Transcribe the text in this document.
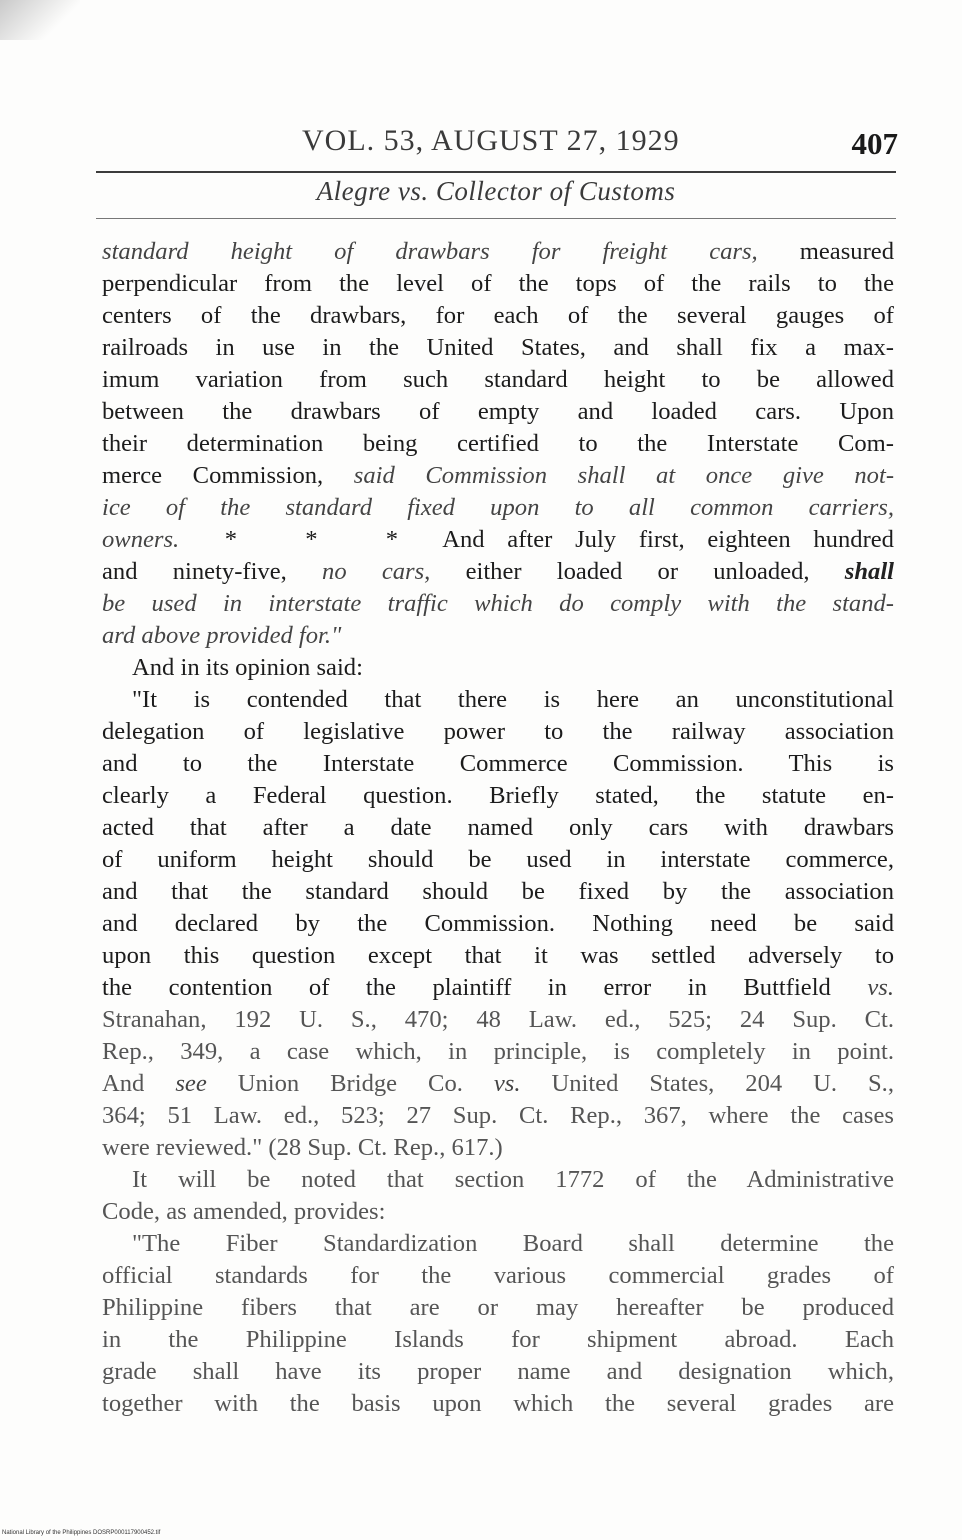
VOL. 53, AUGUST 27, 1929	407
Alegre vs. Collector of Customs
standard height of drawbars for freight cars, measured
perpendicular from the level of the tops of the rails to the
centers of the drawbars, for each of the several gauges of
railroads in use in the United States, and shall fix a max-
imum variation from such standard height to be allowed
between the drawbars of empty and loaded cars. Upon
their determination being certified to the Interstate Com-
merce Commission, said Commission shall at once give not-
ice of the standard fixed upon to all common carriers,
owners.  *   *   *  And after July first, eighteen hundred
and ninety-five, no cars, either loaded or unloaded, shall
be used in interstate traffic which do comply with the stand-
ard above provided for."
And in its opinion said:
"It is contended that there is here an unconstitutional
delegation of legislative power to the railway association
and to the Interstate Commerce Commission. This is
clearly a Federal question. Briefly stated, the statute en-
acted that after a date named only cars with drawbars
of uniform height should be used in interstate commerce,
and that the standard should be fixed by the association
and declared by the Commission. Nothing need be said
upon this question except that it was settled adversely to
the contention of the plaintiff in error in Buttfield vs.
Stranahan, 192 U. S., 470; 48 Law. ed., 525; 24 Sup. Ct.
Rep., 349, a case which, in principle, is completely in point.
And see Union Bridge Co. vs. United States, 204 U. S.,
364; 51 Law. ed., 523; 27 Sup. Ct. Rep., 367, where the cases
were reviewed." (28 Sup. Ct. Rep., 617.)
It will be noted that section 1772 of the Administrative
Code, as amended, provides:
"The Fiber Standardization Board shall determine the
official standards for the various commercial grades of
Philippine fibers that are or may hereafter be produced
in the Philippine Islands for shipment abroad. Each
grade shall have its proper name and designation which,
together with the basis upon which the several grades are
National Library of the Philippines DOSRP000117900452.tif
